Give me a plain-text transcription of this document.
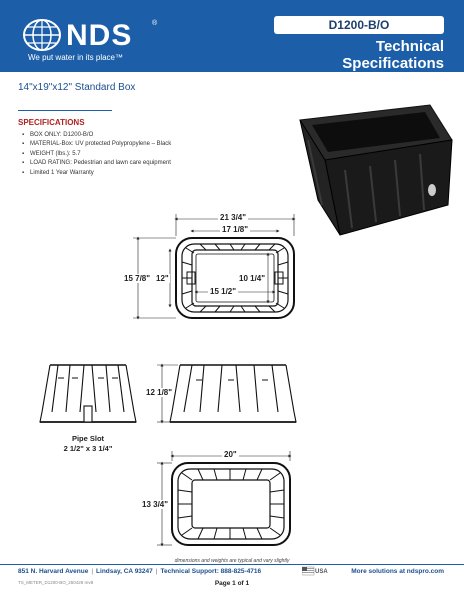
NDS	®
We put water in its place™
D1200-B/O
Technical Specifications
14"x19"x12" Standard Box
SPECIFICATIONS
▪ BOX ONLY: D1200-B/O
▪ MATERIAL-Box: UV protected Polypropylene – Black
▪ WEIGHT (lbs.): 5.7
▪ LOAD RATING: Pedestrian and lawn care equipment
▪ Limited 1 Year Warranty
21 3/4"
17 1/8"
15 7/8" 12"	10 1/4"
15 1/2"
12 1/8"
20"
13 3/4"
Pipe Slot
2 1/2" x 3 1/4"
dimensions and weights are typical and vary slightly
851 N. Harvard Avenue | Lindsay, CA 93247 | Technical Support: 888-825-4716	USA	More solutions at ndspro.com
TS_METER_D1200-BO_250429 rev8	Page 1 of 1
